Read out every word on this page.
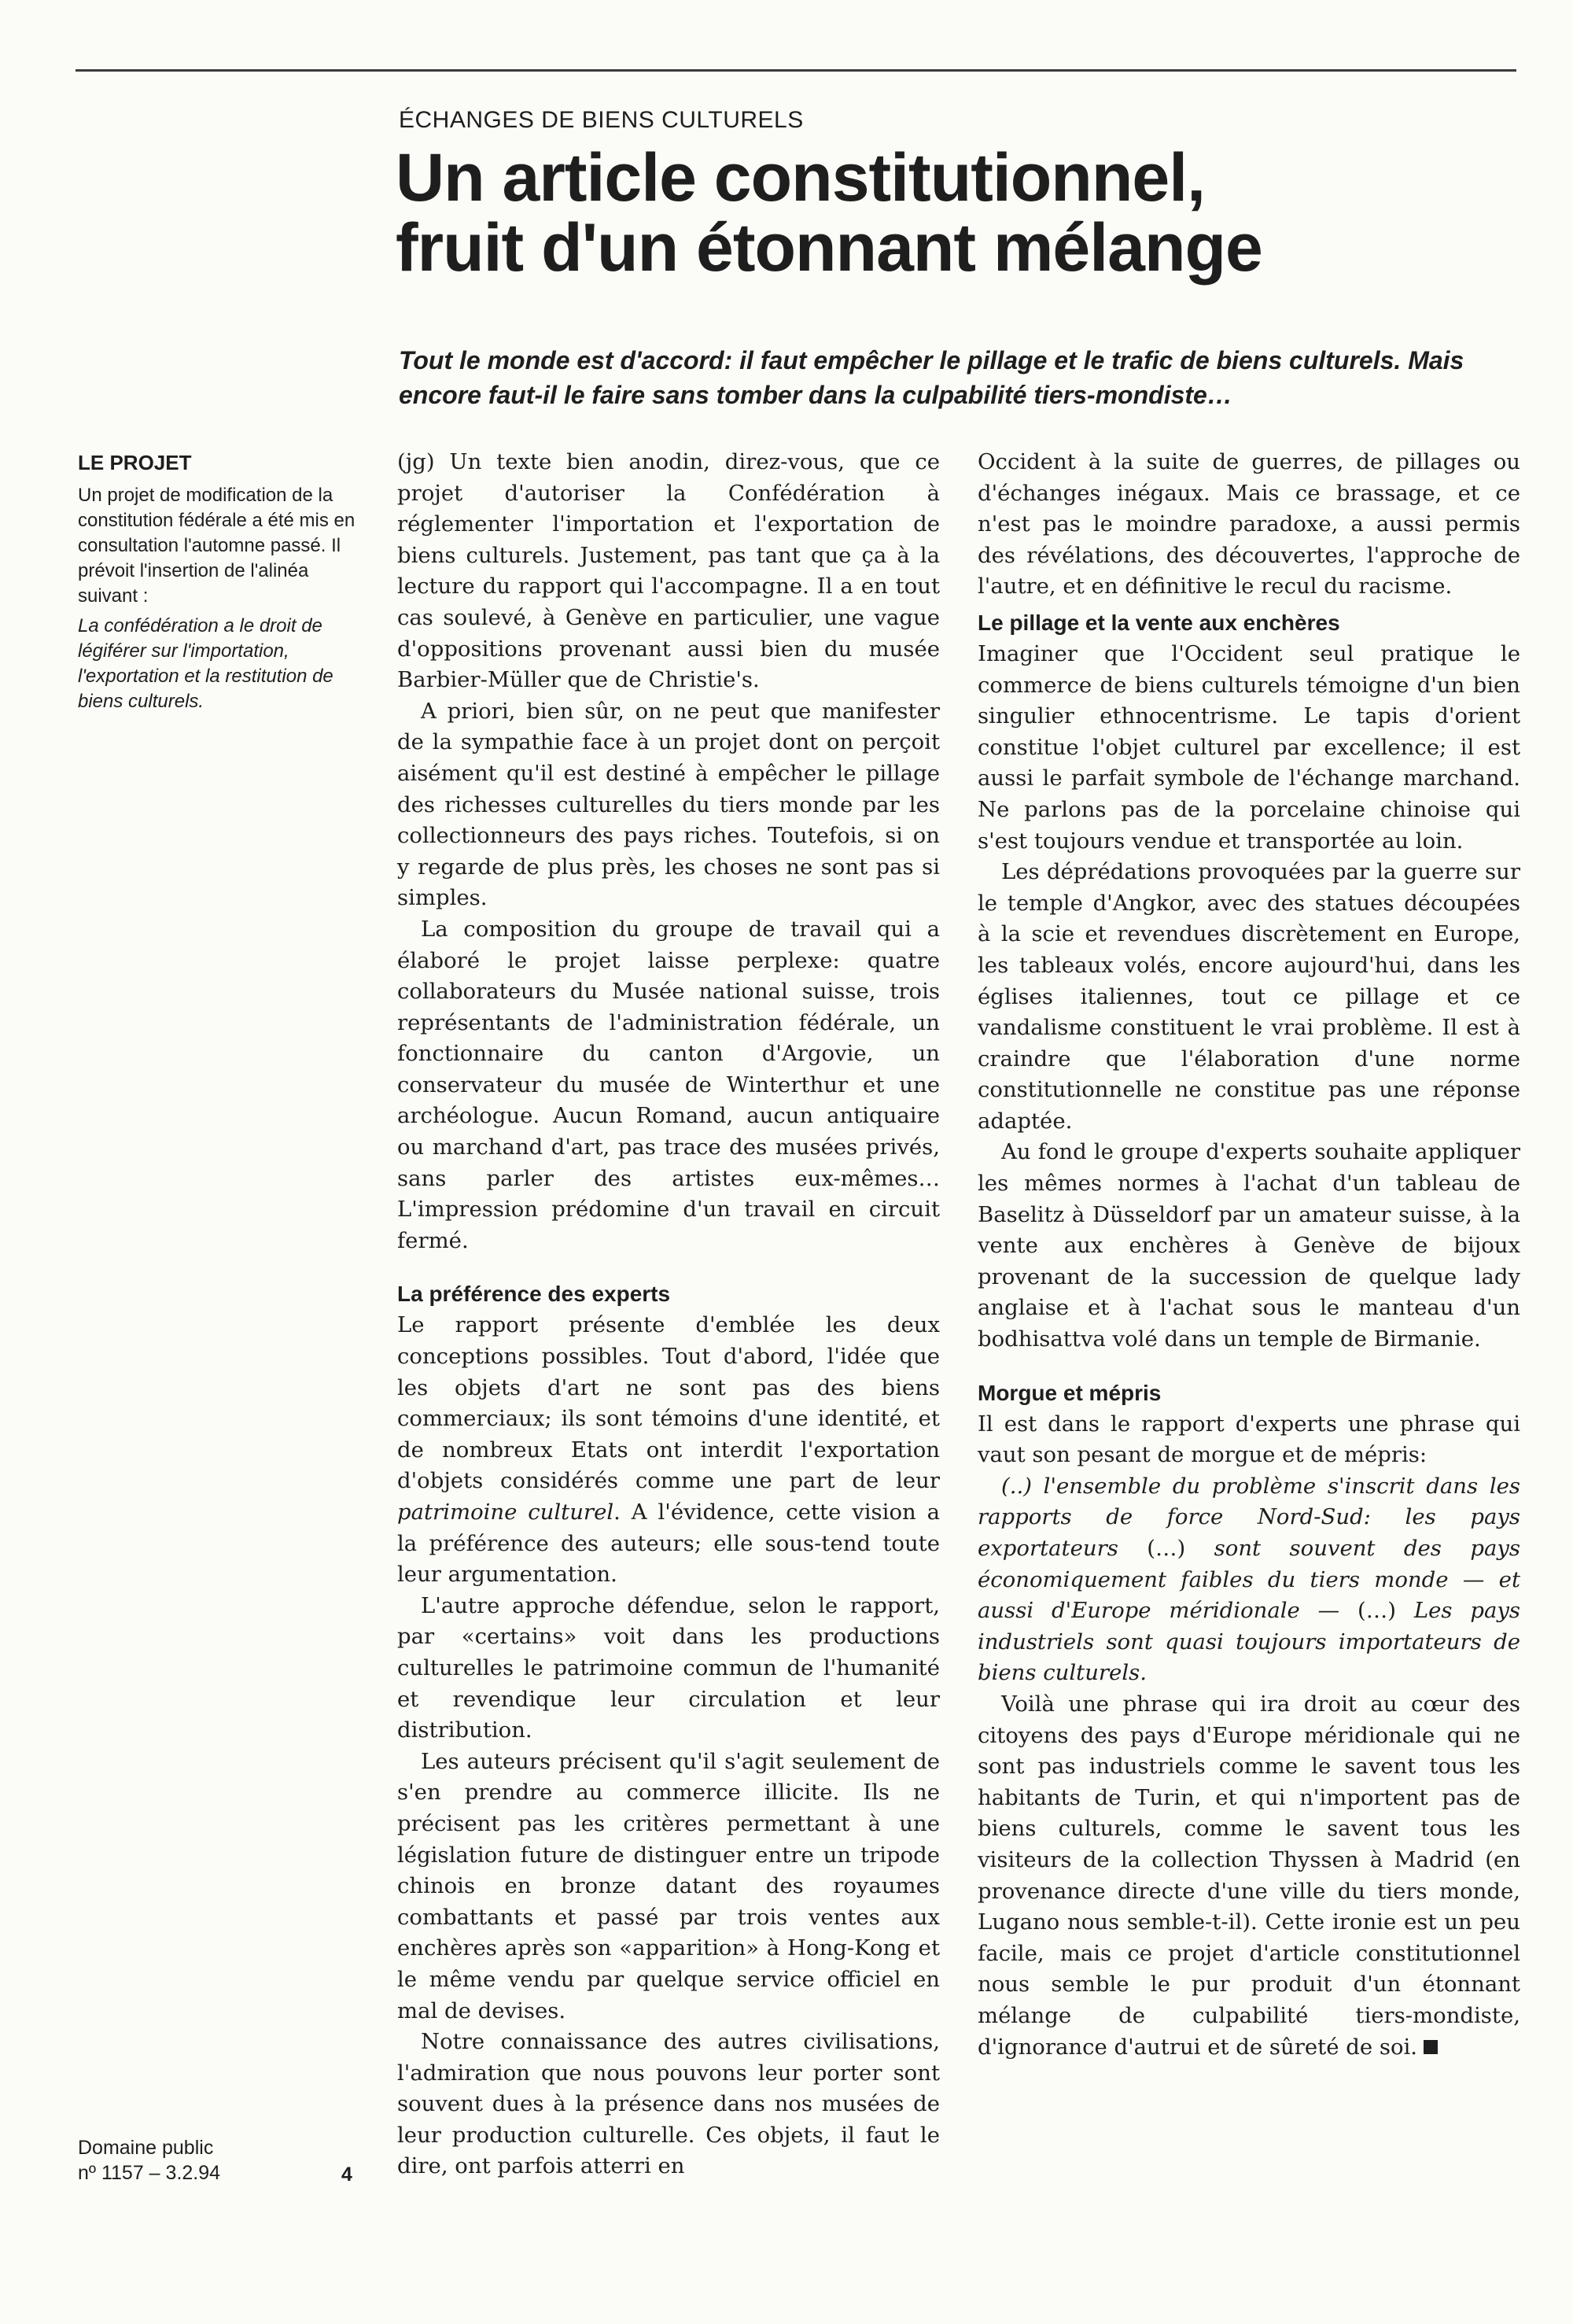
ÉCHANGES DE BIENS CULTURELS
Un article constitutionnel,
fruit d'un étonnant mélange

Tout le monde est d'accord: il faut empêcher le pillage et le trafic de biens culturels. Mais encore faut-il le faire sans tomber dans la culpabilité tiers-mondiste…

LE PROJET

Un projet de modification de la constitution fédérale a été mis en consultation l'automne passé. Il prévoit l'insertion de l'alinéa suivant :

La confédération a le droit de légiférer sur l'importation, l'exportation et la restitution de biens culturels.

(jg) Un texte bien anodin, direz-vous, que ce projet d'autoriser la Confédération à réglementer l'importation et l'exportation de biens culturels. Justement, pas tant que ça à la lecture du rapport qui l'accompagne. Il a en tout cas soulevé, à Genève en particulier, une vague d'oppositions provenant aussi bien du musée Barbier-Müller que de Christie's.

A priori, bien sûr, on ne peut que manifester de la sympathie face à un projet dont on perçoit aisément qu'il est destiné à empêcher le pillage des richesses culturelles du tiers monde par les collectionneurs des pays riches. Toutefois, si on y regarde de plus près, les choses ne sont pas si simples.

La composition du groupe de travail qui a élaboré le projet laisse perplexe: quatre collaborateurs du Musée national suisse, trois représentants de l'administration fédérale, un fonctionnaire du canton d'Argovie, un conservateur du musée de Winterthur et une archéologue. Aucun Romand, aucun antiquaire ou marchand d'art, pas trace des musées privés, sans parler des artistes eux-mêmes… L'impression prédomine d'un travail en circuit fermé.

La préférence des experts

Le rapport présente d'emblée les deux conceptions possibles. Tout d'abord, l'idée que les objets d'art ne sont pas des biens commerciaux; ils sont témoins d'une identité, et de nombreux Etats ont interdit l'exportation d'objets considérés comme une part de leur patrimoine culturel. A l'évidence, cette vision a la préférence des auteurs; elle sous-tend toute leur argumentation.

L'autre approche défendue, selon le rapport, par «certains» voit dans les productions culturelles le patrimoine commun de l'humanité et revendique leur circulation et leur distribution.

Les auteurs précisent qu'il s'agit seulement de s'en prendre au commerce illicite. Ils ne précisent pas les critères permettant à une législation future de distinguer entre un tripode chinois en bronze datant des royaumes combattants et passé par trois ventes aux enchères après son «apparition» à Hong-Kong et le même vendu par quelque service officiel en mal de devises.

Notre connaissance des autres civilisations, l'admiration que nous pouvons leur porter sont souvent dues à la présence dans nos musées de leur production culturelle. Ces objets, il faut le dire, ont parfois atterri en

Occident à la suite de guerres, de pillages ou d'échanges inégaux. Mais ce brassage, et ce n'est pas le moindre paradoxe, a aussi permis des révélations, des découvertes, l'approche de l'autre, et en définitive le recul du racisme.

Le pillage et la vente aux enchères

Imaginer que l'Occident seul pratique le commerce de biens culturels témoigne d'un bien singulier ethnocentrisme. Le tapis d'orient constitue l'objet culturel par excellence; il est aussi le parfait symbole de l'échange marchand. Ne parlons pas de la porcelaine chinoise qui s'est toujours vendue et transportée au loin.

Les déprédations provoquées par la guerre sur le temple d'Angkor, avec des statues découpées à la scie et revendues discrètement en Europe, les tableaux volés, encore aujourd'hui, dans les églises italiennes, tout ce pillage et ce vandalisme constituent le vrai problème. Il est à craindre que l'élaboration d'une norme constitutionnelle ne constitue pas une réponse adaptée.

Au fond le groupe d'experts souhaite appliquer les mêmes normes à l'achat d'un tableau de Baselitz à Düsseldorf par un amateur suisse, à la vente aux enchères à Genève de bijoux provenant de la succession de quelque lady anglaise et à l'achat sous le manteau d'un bodhisattva volé dans un temple de Birmanie.

Morgue et mépris

Il est dans le rapport d'experts une phrase qui vaut son pesant de morgue et de mépris:

(..) l'ensemble du problème s'inscrit dans les rapports de force Nord-Sud: les pays exportateurs (…) sont souvent des pays économiquement faibles du tiers monde — et aussi d'Europe méridionale — (…) Les pays industriels sont quasi toujours importateurs de biens culturels.

Voilà une phrase qui ira droit au cœur des citoyens des pays d'Europe méridionale qui ne sont pas industriels comme le savent tous les habitants de Turin, et qui n'importent pas de biens culturels, comme le savent tous les visiteurs de la collection Thyssen à Madrid (en provenance directe d'une ville du tiers monde, Lugano nous semble-t-il). Cette ironie est un peu facile, mais ce projet d'article constitutionnel nous semble le pur produit d'un étonnant mélange de culpabilité tiers-mondiste, d'ignorance d'autrui et de sûreté de soi.

Domaine public
nº 1157 – 3.2.94	4
